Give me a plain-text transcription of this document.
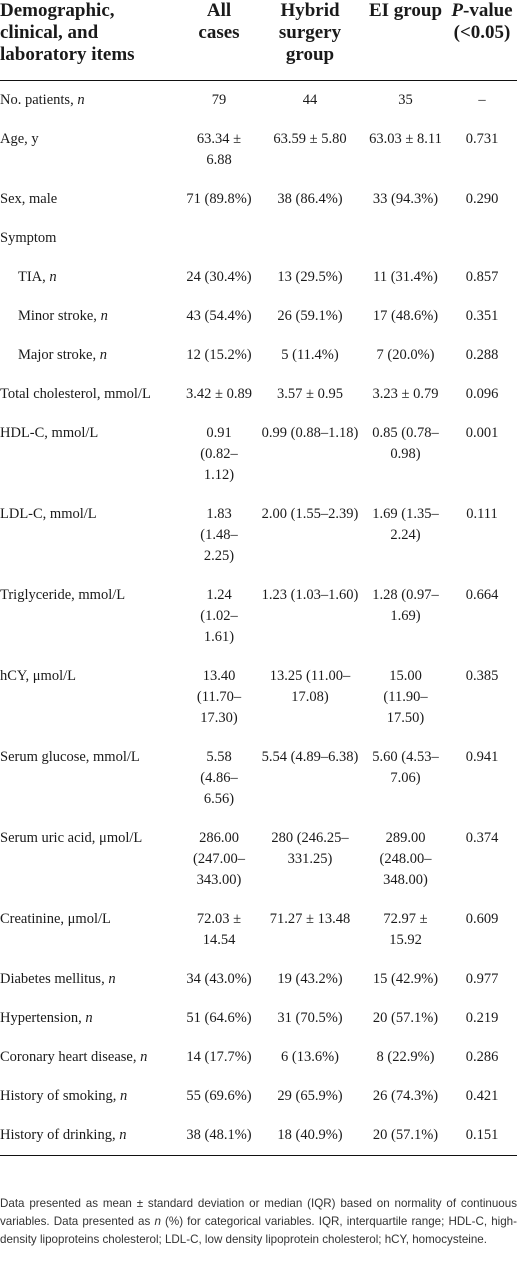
Demographic, clinical, and laboratory items	All cases	Hybrid surgery group	EI group	P-value (<0.05)
No. patients, n	79	44	35	–
Age, y	63.34 ± 6.88	63.59 ± 5.80	63.03 ± 8.11	0.731
Sex, male	71 (89.8%)	38 (86.4%)	33 (94.3%)	0.290
Symptom				
TIA, n	24 (30.4%)	13 (29.5%)	11 (31.4%)	0.857
Minor stroke, n	43 (54.4%)	26 (59.1%)	17 (48.6%)	0.351
Major stroke, n	12 (15.2%)	5 (11.4%)	7 (20.0%)	0.288
Total cholesterol, mmol/L	3.42 ± 0.89	3.57 ± 0.95	3.23 ± 0.79	0.096
HDL-C, mmol/L	0.91 (0.82–1.12)	0.99 (0.88–1.18)	0.85 (0.78–0.98)	0.001
LDL-C, mmol/L	1.83 (1.48–2.25)	2.00 (1.55–2.39)	1.69 (1.35–2.24)	0.111
Triglyceride, mmol/L	1.24 (1.02–1.61)	1.23 (1.03–1.60)	1.28 (0.97–1.69)	0.664
hCY, μmol/L	13.40 (11.70–17.30)	13.25 (11.00–17.08)	15.00 (11.90–17.50)	0.385
Serum glucose, mmol/L	5.58 (4.86–6.56)	5.54 (4.89–6.38)	5.60 (4.53–7.06)	0.941
Serum uric acid, μmol/L	286.00 (247.00–343.00)	280 (246.25–331.25)	289.00 (248.00–348.00)	0.374
Creatinine, μmol/L	72.03 ± 14.54	71.27 ± 13.48	72.97 ± 15.92	0.609
Diabetes mellitus, n	34 (43.0%)	19 (43.2%)	15 (42.9%)	0.977
Hypertension, n	51 (64.6%)	31 (70.5%)	20 (57.1%)	0.219
Coronary heart disease, n	14 (17.7%)	6 (13.6%)	8 (22.9%)	0.286
History of smoking, n	55 (69.6%)	29 (65.9%)	26 (74.3%)	0.421
History of drinking, n	38 (48.1%)	18 (40.9%)	20 (57.1%)	0.151
Data presented as mean ± standard deviation or median (IQR) based on normality of continuous variables. Data presented as n (%) for categorical variables. IQR, interquartile range; HDL-C, high-density lipoproteins cholesterol; LDL-C, low density lipoprotein cholesterol; hCY, homocysteine.
